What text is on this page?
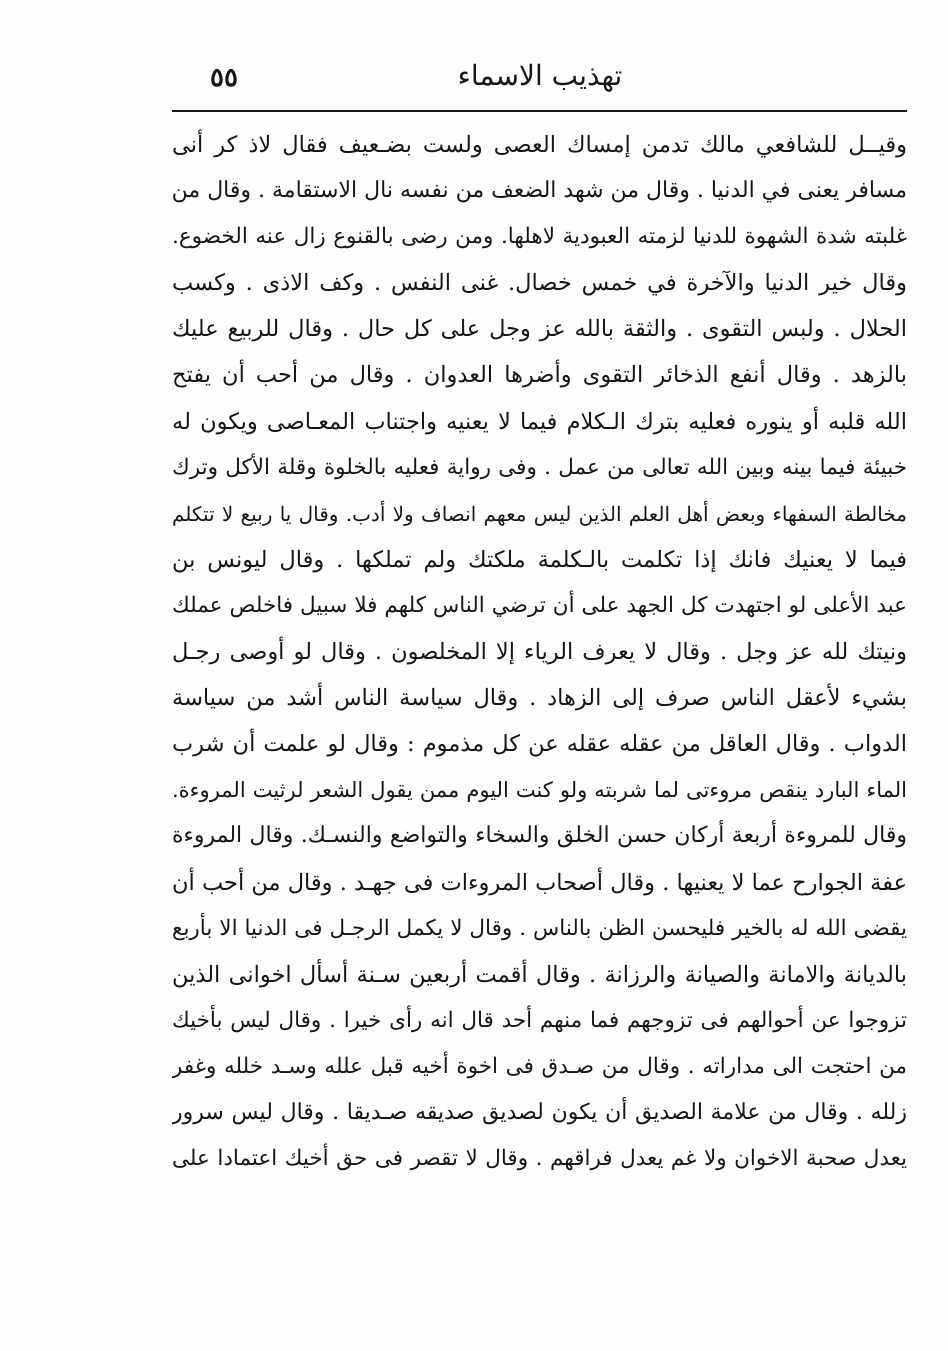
٥٥	تهذيب الاسماء
وقيــل للشافعي مالك تدمن إمساك العصى ولست بضـعيف فقال لاذ كر أنى
مسافر يعنى في الدنيا . وقال من شهد الضعف من نفسه نال الاستقامة . وقال من
غلبته شدة الشهوة للدنيا لزمته العبودية لاهلها. ومن رضى بالقنوع زال عنه الخضوع.
وقال خير الدنيا والآخرة في خمس خصال. غنى النفس . وكف الاذى . وكسب
الحلال . ولبس التقوى . والثقة بالله عز وجل على كل حال . وقال للربيع عليك
بالزهد . وقال أنفع الذخائر التقوى وأضرها العدوان . وقال من أحب أن يفتح
الله قلبه أو ينوره فعليه بترك الـكلام فيما لا يعنيه واجتناب المعـاصى ويكون له
خبيئة فيما بينه وبين الله تعالى من عمل . وفى رواية فعليه بالخلوة وقلة الأكل وترك
مخالطة السفهاء وبعض أهل العلم الذين ليس معهم انصاف ولا أدب. وقال يا ربيع لا تتكلم
فيما لا يعنيك فانك إذا تكلمت بالـكلمة ملكتك ولم تملكها . وقال ليونس بن
عبد الأعلى لو اجتهدت كل الجهد على أن ترضي الناس كلهم فلا سبيل فاخلص عملك
ونيتك لله عز وجل . وقال لا يعرف الرياء إلا المخلصون . وقال لو أوصى رجـل
بشيء لأعقل الناس صرف إلى الزهاد . وقال سياسة الناس أشد من سياسة
الدواب . وقال العاقل من عقله عقله عن كل مذموم : وقال لو علمت أن شرب
الماء البارد ينقص مروءتى لما شربته ولو كنت اليوم ممن يقول الشعر لرثيت المروءة.
وقال للمروءة أربعة أركان حسن الخلق والسخاء والتواضع والنسـك. وقال المروءة
عفة الجوارح عما لا يعنيها . وقال أصحاب المروءات فى جهـد . وقال من أحب أن
يقضى الله له بالخير فليحسن الظن بالناس . وقال لا يكمل الرجـل فى الدنيا الا بأربع
بالديانة والامانة والصيانة والرزانة . وقال أقمت أربعين سـنة أسأل اخوانى الذين
تزوجوا عن أحوالهم فى تزوجهم فما منهم أحد قال انه رأى خيرا . وقال ليس بأخيك
من احتجت الى مداراته . وقال من صـدق فى اخوة أخيه قبل علله وسـد خلله وغفر
زلله . وقال من علامة الصديق أن يكون لصديق صديقه صـديقا . وقال ليس سرور
يعدل صحبة الاخوان ولا غم يعدل فراقهم . وقال لا تقصر فى حق أخيك اعتمادا على
